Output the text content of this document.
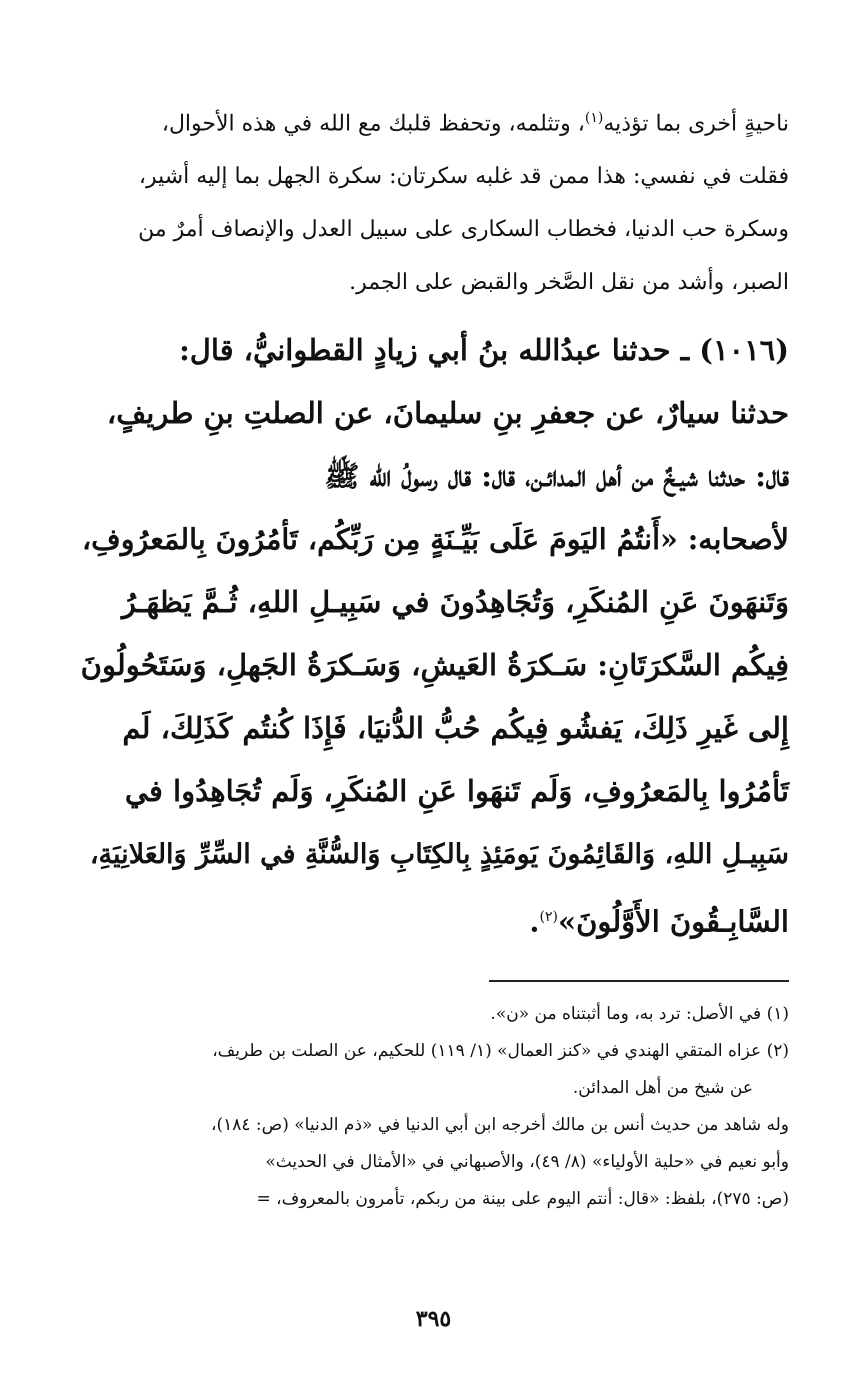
ناحيةٍ أخرى بما تؤذيه$^{(١)}$، وتثلمه، وتحفظ قلبك مع الله في هذه الأحوال،

فقلت في نفسي: هذا ممن قد غلبه سكرتان: سكرة الجهل بما إليه أشير،

وسكرة حب الدنيا، فخطاب السكارى على سبيل العدل والإنصاف أمرٌ من

الصبر، وأشد من نقل الصَّخر والقبض على الجمر.

(١٠١٦) ـ حدثنا عبدُالله بنُ أبي زيادٍ القطوانيُّ، قال:

حدثنا سيارٌ، عن جعفرِ بنِ سليمانَ، عن الصلتِ بنِ طريفٍ،

قال: حدثنا شيـخٌ من أهل المدائـن، قال: قال رسولُ الله ﷺ

لأصحابه: «أَنتُمُ اليَومَ عَلَى بَيِّـنَةٍ مِن رَبِّكُم، تَأمُرُونَ بِالمَعرُوفِ،

وَتَنهَونَ عَنِ المُنكَرِ، وَتُجَاهِدُونَ في سَبِيـلِ اللهِ، ثُـمَّ يَظهَـرُ

فِيكُم السَّكرَتَانِ: سَـكرَةُ العَيشِ، وَسَـكرَةُ الجَهلِ، وَسَتَحُولُونَ

إِلى غَيرِ ذَلِكَ، يَفشُو فِيكُم حُبُّ الدُّنيَا، فَإِذَا كُنتُم كَذَلِكَ، لَم

تَأمُرُوا بِالمَعرُوفِ، وَلَم تَنهَوا عَنِ المُنكَرِ، وَلَم تُجَاهِدُوا في

سَبِيـلِ اللهِ، وَالقَائِمُونَ يَومَئِذٍ بِالكِتَابِ وَالسُّنَّةِ في السِّرِّ وَالعَلانِيَةِ،

السَّابِـقُونَ الأَوَّلُونَ»$^{(٢)}$.

(١) في الأصل: ترد به، وما أثبتناه من «ن».

(٢) عزاه المتقي الهندي في «كنز العمال» (١/ ١١٩) للحكيم، عن الصلت بن طريف،

عن شيخ من أهل المدائن.

وله شاهد من حديث أنس بن مالك أخرجه ابن أبي الدنيا في «ذم الدنيا» (ص: ١٨٤)،

وأبو نعيم في «حلية الأولياء» (٨/ ٤٩)، والأصبهاني في «الأمثال في الحديث»

(ص: ٢٧٥)، بلفظ: «قال: أنتم اليوم على بينة من ربكم، تأمرون بالمعروف، =

٣٩٥
